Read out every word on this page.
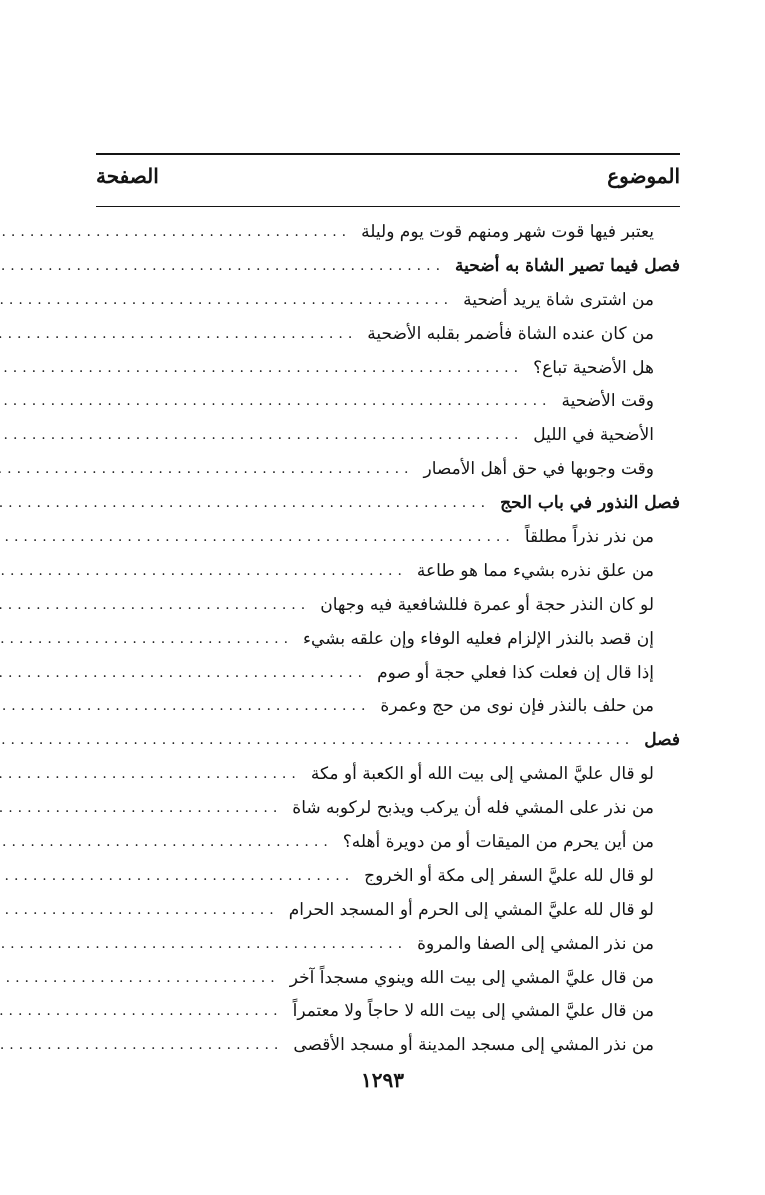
الموضوع
الصفحة
يعتبر فيها قوت شهر ومنهم قوت يوم وليلة
.....
فصل فيما تصير الشاة به أضحية
.....
من اشترى شاة يريد أضحية
.....
من كان عنده الشاة فأضمر بقلبه الأضحية
.....
هل الأضحية تباع؟
.....
وقت الأضحية
.....
الأضحية في الليل
.....
وقت وجوبها في حق أهل الأمصار
.....
فصل النذور في باب الحج
.....
من نذر نذراً مطلقاً
.....
من علق نذره بشيء مما هو طاعة
.....
لو كان النذر حجة أو عمرة فللشافعية فيه وجهان
.....
إن قصد بالنذر الإلزام فعليه الوفاء وإن علقه بشيء
.....
إذا قال إن فعلت كذا فعلي حجة أو صوم
.....
من حلف بالنذر فإن نوى من حج وعمرة
.....
فصل
.....
لو قال عليَّ المشي إلى بيت الله أو الكعبة أو مكة
.....
من نذر على المشي فله أن يركب ويذبح لركوبه شاة
.....
من أين يحرم من الميقات أو من دويرة أهله؟
.....
لو قال لله عليَّ السفر إلى مكة أو الخروج
.....
لو قال لله عليَّ المشي إلى الحرم أو المسجد الحرام
.....
من نذر المشي إلى الصفا والمروة
.....
من قال عليَّ المشي إلى بيت الله وينوي مسجداً آخر
.....
من قال عليَّ المشي إلى بيت الله لا حاجاً ولا معتمراً
.....
من نذر المشي إلى مسجد المدينة أو مسجد الأقصى
.....
١٢٩٣
